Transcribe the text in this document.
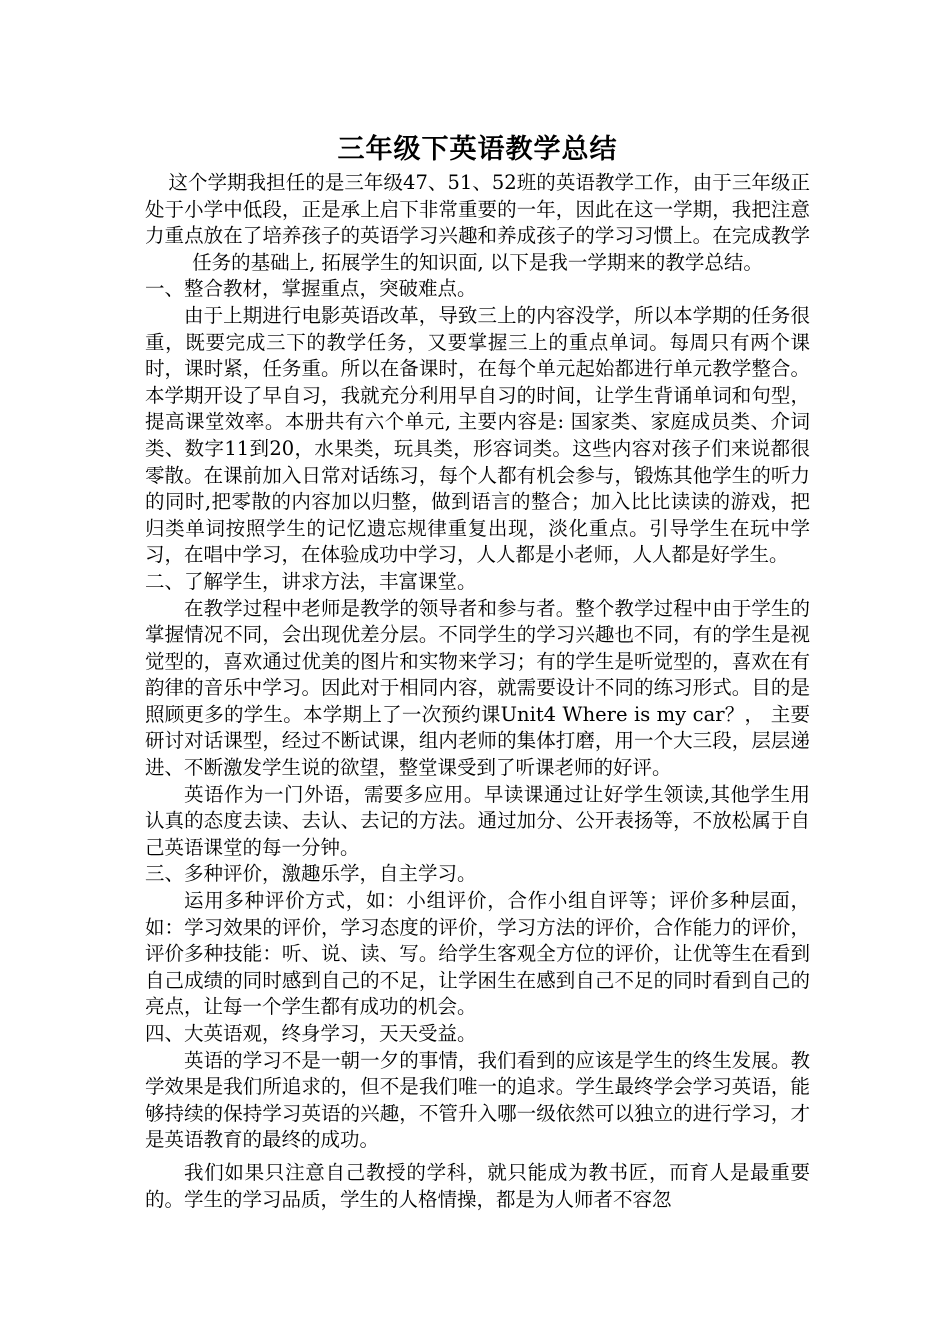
三年级下英语教学总结

这个学期我担任的是三年级47、51、52班的英语教学工作，由于三年级正处于小学中低段，正是承上启下非常重要的一年，因此在这一学期，我把注意力重点放在了培养孩子的英语学习兴趣和养成孩子的学习习惯上。在完成教学任务的基础上, 拓展学生的知识面, 以下是我一学期来的教学总结。

一、整合教材，掌握重点，突破难点。

由于上期进行电影英语改革，导致三上的内容没学，所以本学期的任务很重，既要完成三下的教学任务，又要掌握三上的重点单词。每周只有两个课时，课时紧，任务重。所以在备课时，在每个单元起始都进行单元教学整合。本学期开设了早自习，我就充分利用早自习的时间，让学生背诵单词和句型，提高课堂效率。本册共有六个单元, 主要内容是: 国家类、家庭成员类、介词类、数字11到20，水果类，玩具类，形容词类。这些内容对孩子们来说都很零散。在课前加入日常对话练习，每个人都有机会参与，锻炼其他学生的听力的同时,把零散的内容加以归整，做到语言的整合；加入比比读读的游戏，把归类单词按照学生的记忆遗忘规律重复出现，淡化重点。引导学生在玩中学习，在唱中学习，在体验成功中学习，人人都是小老师，人人都是好学生。

二、了解学生，讲求方法，丰富课堂。

在教学过程中老师是教学的领导者和参与者。整个教学过程中由于学生的掌握情况不同，会出现优差分层。不同学生的学习兴趣也不同，有的学生是视觉型的，喜欢通过优美的图片和实物来学习；有的学生是听觉型的，喜欢在有韵律的音乐中学习。因此对于相同内容，就需要设计不同的练习形式。目的是照顾更多的学生。本学期上了一次预约课Unit4 Where is my car？， 主要研讨对话课型，经过不断试课，组内老师的集体打磨，用一个大三段，层层递进、不断激发学生说的欲望，整堂课受到了听课老师的好评。

英语作为一门外语，需要多应用。早读课通过让好学生领读,其他学生用认真的态度去读、去认、去记的方法。通过加分、公开表扬等，不放松属于自己英语课堂的每一分钟。

三、多种评价，激趣乐学，自主学习。

运用多种评价方式，如：小组评价，合作小组自评等；评价多种层面，如：学习效果的评价，学习态度的评价，学习方法的评价，合作能力的评价，评价多种技能：听、说、读、写。给学生客观全方位的评价，让优等生在看到自己成绩的同时感到自己的不足，让学困生在感到自己不足的同时看到自己的亮点，让每一个学生都有成功的机会。

四、大英语观，终身学习，天天受益。

英语的学习不是一朝一夕的事情，我们看到的应该是学生的终生发展。教学效果是我们所追求的，但不是我们唯一的追求。学生最终学会学习英语，能够持续的保持学习英语的兴趣，不管升入哪一级依然可以独立的进行学习，才是英语教育的最终的成功。

我们如果只注意自己教授的学科，就只能成为教书匠，而育人是最重要的。学生的学习品质，学生的人格情操，都是为人师者不容忽
